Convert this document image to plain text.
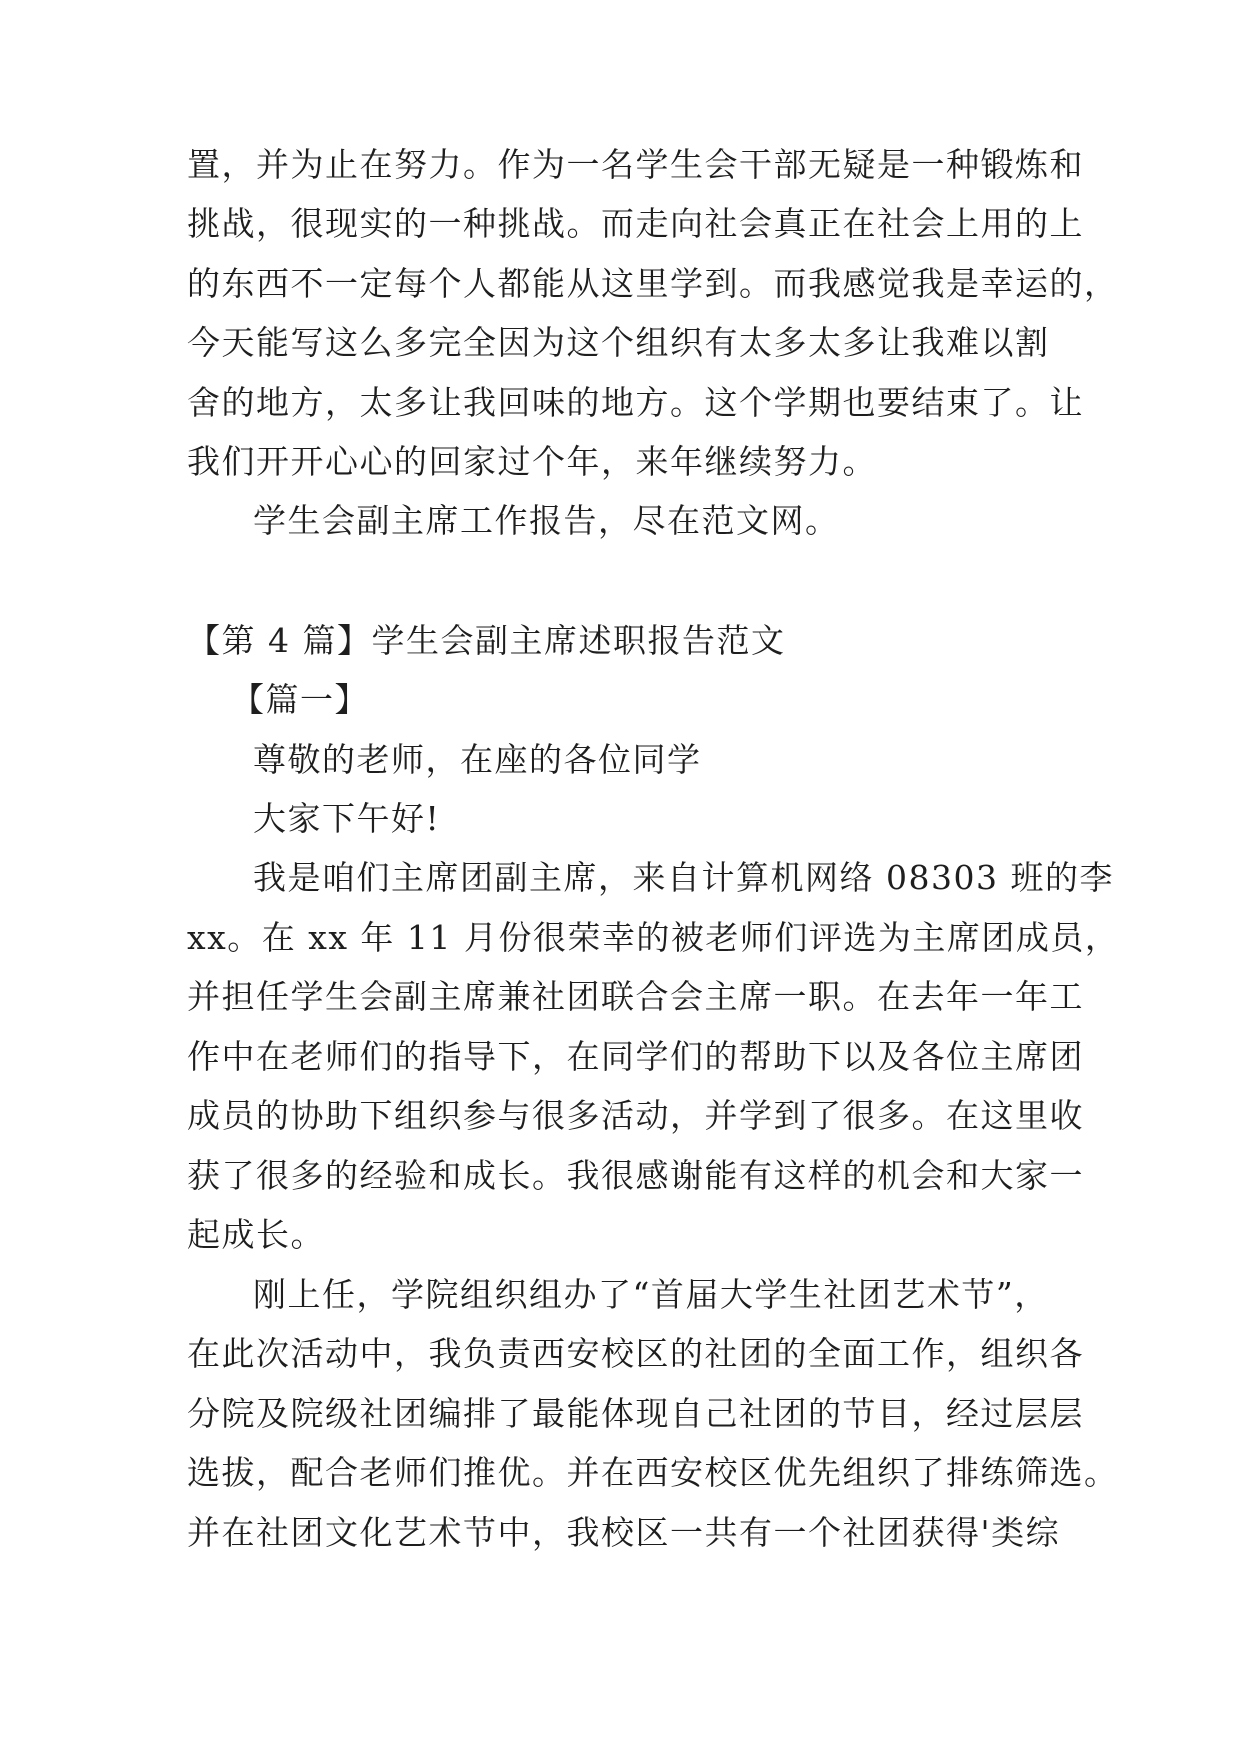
置，并为止在努力。作为一名学生会干部无疑是一种锻炼和
挑战，很现实的一种挑战。而走向社会真正在社会上用的上
的东西不一定每个人都能从这里学到。而我感觉我是幸运的，
今天能写这么多完全因为这个组织有太多太多让我难以割
舍的地方，太多让我回味的地方。这个学期也要结束了。让
我们开开心心的回家过个年，来年继续努力。
学生会副主席工作报告，尽在范文网。
【第 4 篇】学生会副主席述职报告范文
【篇一】
尊敬的老师，在座的各位同学
大家下午好!
我是咱们主席团副主席，来自计算机网络 08303 班的李
xx。在 xx 年 11 月份很荣幸的被老师们评选为主席团成员，
并担任学生会副主席兼社团联合会主席一职。在去年一年工
作中在老师们的指导下，在同学们的帮助下以及各位主席团
成员的协助下组织参与很多活动，并学到了很多。在这里收
获了很多的经验和成长。我很感谢能有这样的机会和大家一
起成长。
刚上任，学院组织组办了“首届大学生社团艺术节”，
在此次活动中，我负责西安校区的社团的全面工作，组织各
分院及院级社团编排了最能体现自己社团的节目，经过层层
选拔，配合老师们推优。并在西安校区优先组织了排练筛选。
并在社团文化艺术节中，我校区一共有一个社团获得'类综
